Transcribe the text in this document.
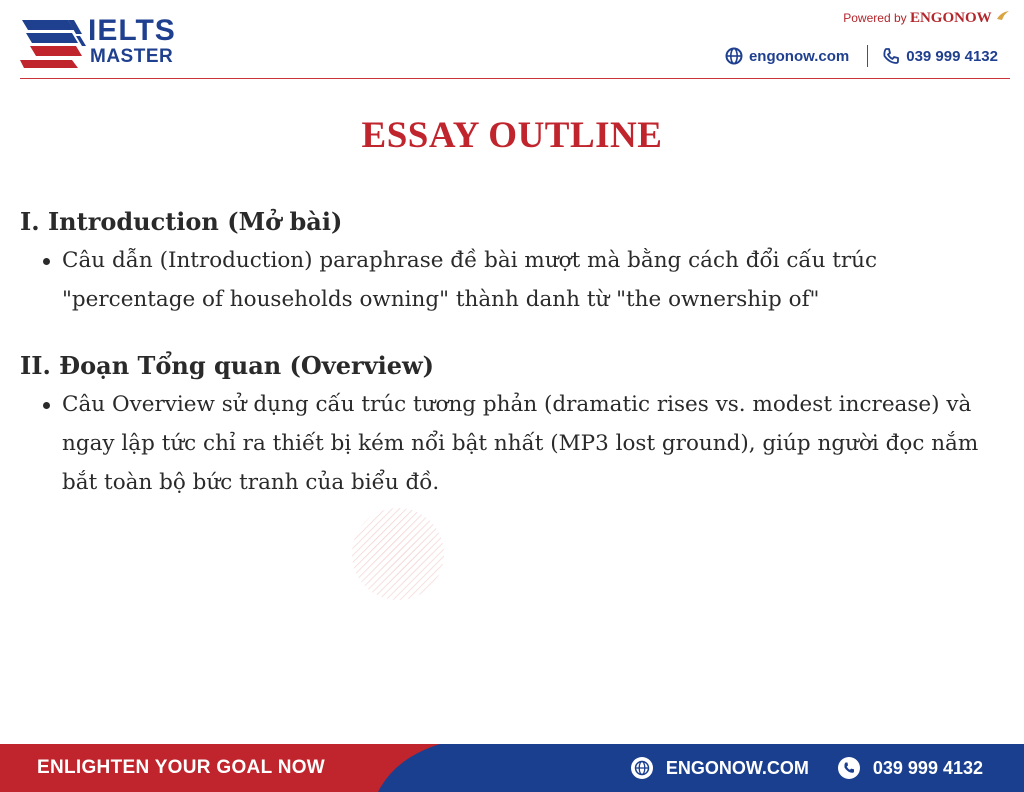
IELTS
MASTER
Powered by ENGONOW
engonow.com	039 999 4132
ESSAY OUTLINE
I. Introduction (Mở bài)
Câu dẫn (Introduction) paraphrase đề bài mượt mà bằng cách đổi cấu trúc "percentage of households owning" thành danh từ "the ownership of"
II. Đoạn Tổng quan (Overview)
Câu Overview sử dụng cấu trúc tương phản (dramatic rises vs. modest increase) và ngay lập tức chỉ ra thiết bị kém nổi bật nhất (MP3 lost ground), giúp người đọc nắm bắt toàn bộ bức tranh của biểu đồ.
ENLIGHTEN YOUR GOAL NOW	ENGONOW.COM	039 999 4132
